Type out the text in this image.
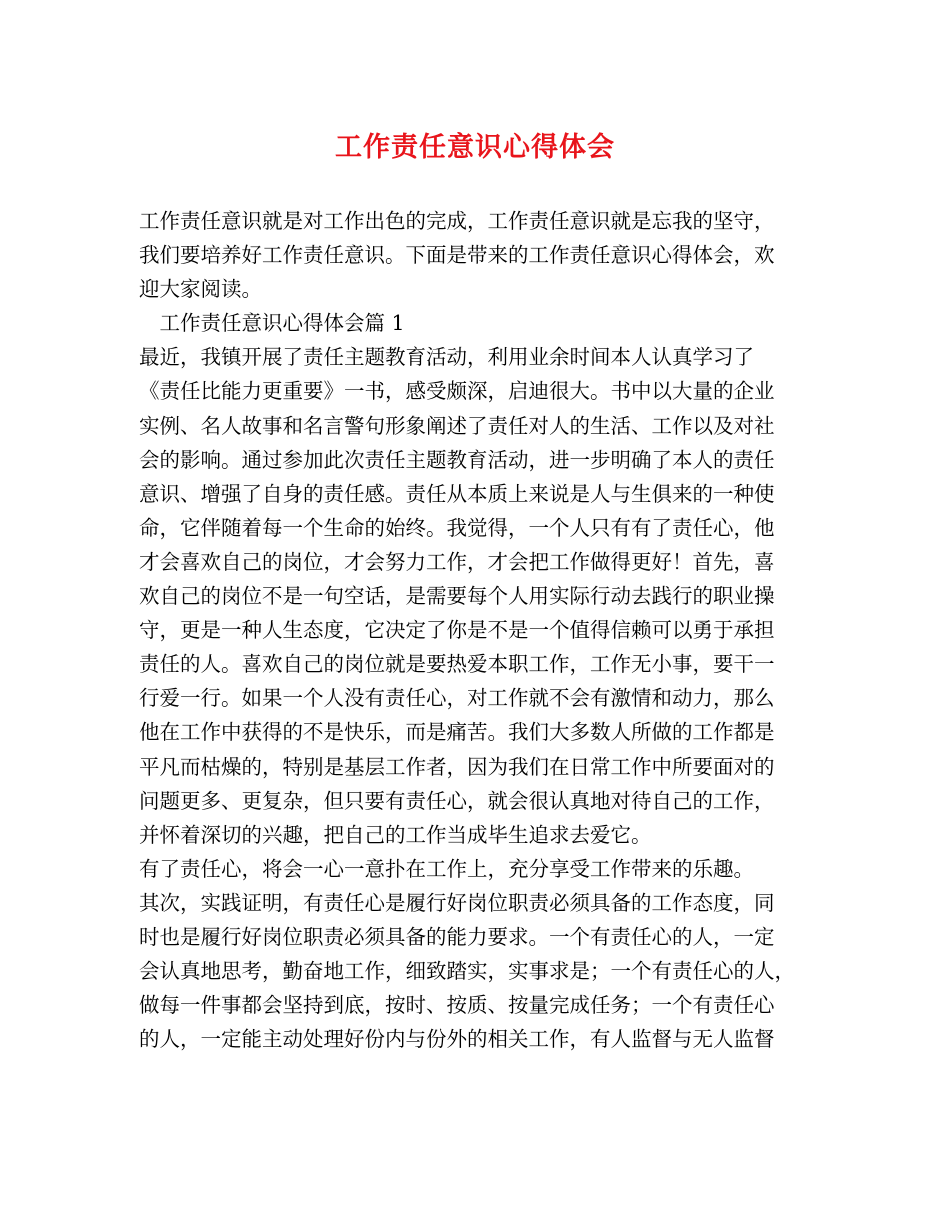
工作责任意识心得体会
工作责任意识就是对工作出色的完成，工作责任意识就是忘我的坚守，
我们要培养好工作责任意识。下面是带来的工作责任意识心得体会，欢
迎大家阅读。
　工作责任意识心得体会篇 1
最近，我镇开展了责任主题教育活动，利用业余时间本人认真学习了
《责任比能力更重要》一书，感受颇深，启迪很大。书中以大量的企业
实例、名人故事和名言警句形象阐述了责任对人的生活、工作以及对社
会的影响。通过参加此次责任主题教育活动，进一步明确了本人的责任
意识、增强了自身的责任感。责任从本质上来说是人与生俱来的一种使
命，它伴随着每一个生命的始终。我觉得，一个人只有有了责任心，他
才会喜欢自己的岗位，才会努力工作，才会把工作做得更好！首先，喜
欢自己的岗位不是一句空话，是需要每个人用实际行动去践行的职业操
守，更是一种人生态度，它决定了你是不是一个值得信赖可以勇于承担
责任的人。喜欢自己的岗位就是要热爱本职工作，工作无小事，要干一
行爱一行。如果一个人没有责任心，对工作就不会有激情和动力，那么
他在工作中获得的不是快乐，而是痛苦。我们大多数人所做的工作都是
平凡而枯燥的，特别是基层工作者，因为我们在日常工作中所要面对的
问题更多、更复杂，但只要有责任心，就会很认真地对待自己的工作，
并怀着深切的兴趣，把自己的工作当成毕生追求去爱它。
有了责任心，将会一心一意扑在工作上，充分享受工作带来的乐趣。
其次，实践证明，有责任心是履行好岗位职责必须具备的工作态度，同
时也是履行好岗位职责必须具备的能力要求。一个有责任心的人，一定
会认真地思考，勤奋地工作，细致踏实，实事求是；一个有责任心的人，
做每一件事都会坚持到底，按时、按质、按量完成任务；一个有责任心
的人，一定能主动处理好份内与份外的相关工作，有人监督与无人监督
